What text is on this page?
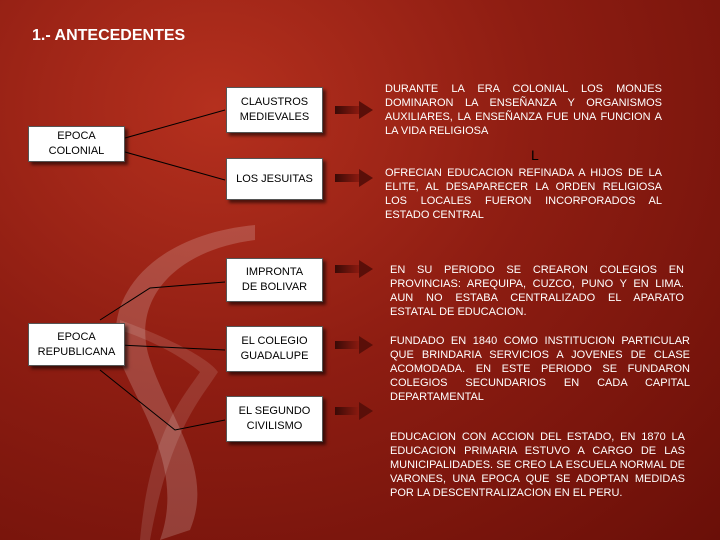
1.- ANTECEDENTES
EPOCA
COLONIAL
EPOCA
REPUBLICANA
CLAUSTROS
MEDIEVALES
LOS JESUITAS
IMPRONTA
DE BOLIVAR
EL COLEGIO
GUADALUPE
EL SEGUNDO
CIVILISMO
DURANTE LA ERA COLONIAL LOS MONJES DOMINARON LA ENSEÑANZA Y ORGANISMOS AUXILIARES, LA ENSEÑANZA FUE UNA FUNCION A LA VIDA RELIGIOSA
L
OFRECIAN EDUCACION REFINADA A HIJOS DE LA ELITE, AL DESAPARECER LA ORDEN RELIGIOSA LOS LOCALES FUERON INCORPORADOS AL ESTADO CENTRAL
EN SU PERIODO SE CREARON COLEGIOS EN PROVINCIAS: AREQUIPA, CUZCO, PUNO Y EN LIMA. AUN NO ESTABA CENTRALIZADO EL APARATO ESTATAL DE EDUCACION.
FUNDADO EN 1840 COMO INSTITUCION PARTICULAR QUE BRINDARIA SERVICIOS A JOVENES DE CLASE ACOMODADA. EN ESTE PERIODO SE FUNDARON COLEGIOS SECUNDARIOS EN CADA CAPITAL DEPARTAMENTAL
EDUCACION CON ACCION DEL ESTADO, EN 1870 LA EDUCACION PRIMARIA ESTUVO A CARGO DE LAS MUNICIPALIDADES. SE CREO LA ESCUELA NORMAL DE VARONES, UNA EPOCA QUE SE ADOPTAN MEDIDAS POR LA DESCENTRALIZACION EN EL PERU.
